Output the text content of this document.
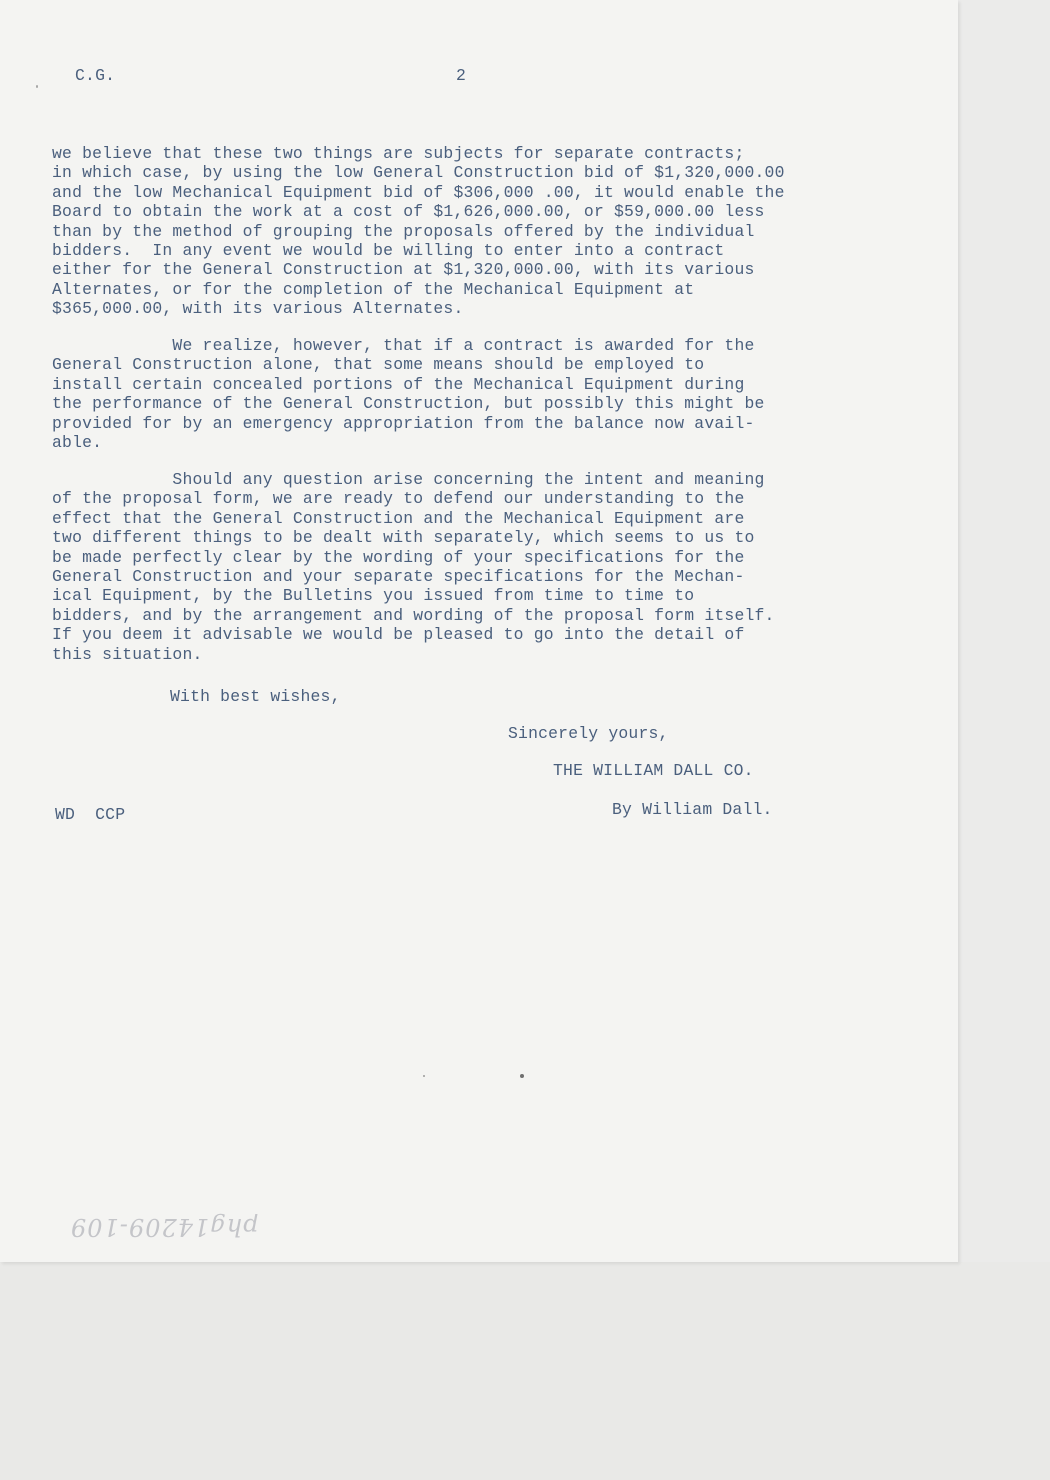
C.G.	2

we believe that these two things are subjects for separate contracts;
in which case, by using the low General Construction bid of $1,320,000.00
and the low Mechanical Equipment bid of $306,000 .00, it would enable the
Board to obtain the work at a cost of $1,626,000.00, or $59,000.00 less
than by the method of grouping the proposals offered by the individual
bidders.  In any event we would be willing to enter into a contract
either for the General Construction at $1,320,000.00, with its various
Alternates, or for the completion of the Mechanical Equipment at
$365,000.00, with its various Alternates.

We realize, however, that if a contract is awarded for the
General Construction alone, that some means should be employed to
install certain concealed portions of the Mechanical Equipment during
the performance of the General Construction, but possibly this might be
provided for by an emergency appropriation from the balance now avail-
able.

Should any question arise concerning the intent and meaning
of the proposal form, we are ready to defend our understanding to the
effect that the General Construction and the Mechanical Equipment are
two different things to be dealt with separately, which seems to us to
be made perfectly clear by the wording of your specifications for the
General Construction and your separate specifications for the Mechan-
ical Equipment, by the Bulletins you issued from time to time to
bidders, and by the arrangement and wording of the proposal form itself.
If you deem it advisable we would be pleased to go into the detail of
this situation.

With best wishes,
Sincerely yours,
THE WILLIAM DALL CO.
By William Dall.
WD  CCP
phg14209-109
